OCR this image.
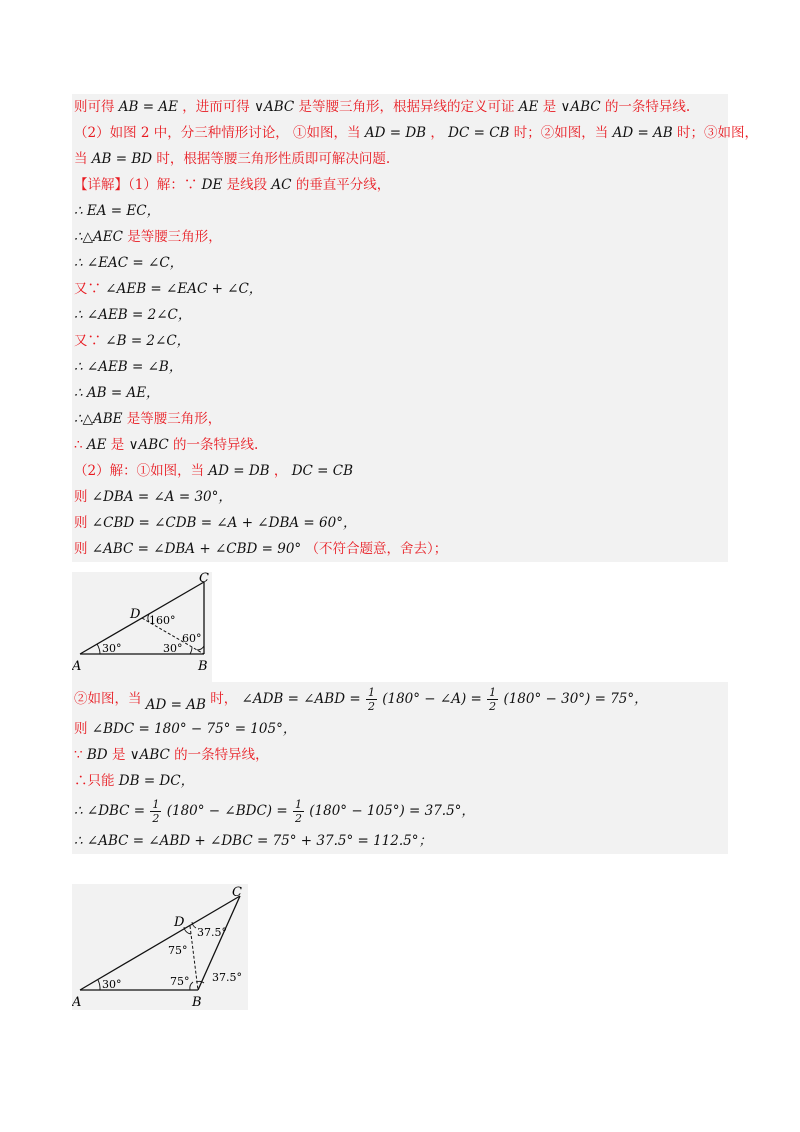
则可得 AB = AE ，进而可得 ∨ABC 是等腰三角形，根据异线的定义可证 AE 是 ∨ABC 的一条特异线.
（2）如图 2 中，分三种情形讨论， ①如图，当 AD = DB ， DC = CB 时；②如图，当 AD = AB 时；③如图，
当 AB = BD 时，根据等腰三角形性质即可解决问题.
【详解】（1）解：∵ DE 是线段 AC 的垂直平分线，
∴ EA = EC，
∴△AEC 是等腰三角形，
∴ ∠EAC = ∠C，
又∵ ∠AEB = ∠EAC + ∠C，
∴ ∠AEB = 2∠C，
又∵ ∠B = 2∠C，
∴ ∠AEB = ∠B，
∴ AB = AE，
∴△ABE 是等腰三角形，
∴ AE 是 ∨ABC 的一条特异线.
（2）解：①如图，当 AD = DB ， DC = CB
则 ∠DBA = ∠A = 30°，
则 ∠CBD = ∠CDB = ∠A + ∠DBA = 60°，
则 ∠ABC = ∠DBA + ∠CBD = 90° （不符合题意，舍去）；
A	B
C
D
30°	30°
60°
160°
②如图，当 AD = AB 时， ∠ADB = ∠ABD = $\frac{1}{2} (180^\circ$ − ∠A) = $\frac{1}{2} (180^\circ - 30^\circ) = 75^\circ$，
则 ∠BDC = 180° − 75° = 105°，
∵ BD 是 ∨ABC 的一条特异线，
∴只能 DB = DC，
∴ ∠DBC = $\frac{1}{2} (180^\circ$ − ∠BDC) = $\frac{1}{2} (180^\circ - 105^\circ) = 37.5^\circ$，
∴ ∠ABC = ∠ABD + ∠DBC = 75° + 37.5° = 112.5°；
A	B
C
D
30°
37.5°
75°
75° 37.5°
